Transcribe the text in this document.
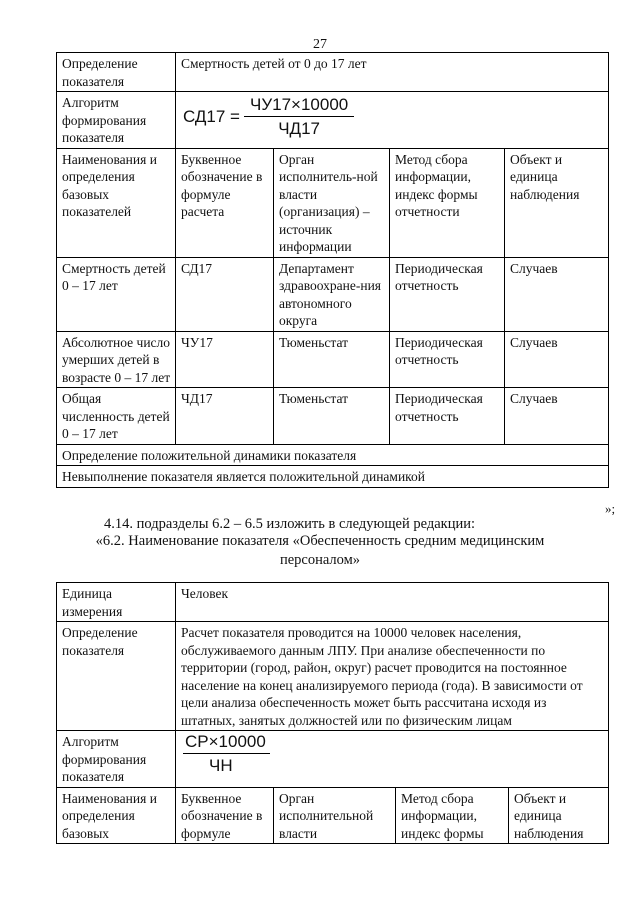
27
Определение показателя	Смертность детей от 0 до 17 лет			
Алгоритм формирования показателя	$СД17 = \frac{ЧУ17\times 10000}{ЧД17}$

Наименования и определения базовых показателей	Буквенное обозначение в формуле расчета	Орган исполнитель-ной власти (организация) – источник информации	Метод сбора информации, индекс формы отчетности	Объект и единица наблюдения
Смертность детей 0 – 17 лет	СД17	Департамент здравоохране-ния автономного округа	Периодическая отчетность	Случаев
Абсолютное число умерших детей в возрасте 0 – 17 лет	ЧУ17	Тюменьстат	Периодическая отчетность	Случаев
Общая численность детей 0 – 17 лет	ЧД17	Тюменьстат	Периодическая отчетность	Случаев
Определение положительной динамики показателя				
Невыполнение показателя является положительной динамикой				
»;
4.14. подразделы 6.2 – 6.5 изложить в следующей редакции:
«6.2. Наименование показателя «Обеспеченность средним медицинским персоналом»
Единица измерения	Человек			
Определение показателя	Расчет показателя проводится на 10000 человек населения, обслуживаемого данным ЛПУ. При анализе обеспеченности по территории (город, район, округ) расчет проводится на постоянное население на конец анализируемого периода (года). В зависимости от цели анализа обеспеченность может быть рассчитана исходя из штатных, занятых должностей или по физическим лицам			
Алгоритм формирования показателя	$\frac{СР\times 10000}{ЧН}$

Наименования и определения базовых	Буквенное обозначение в формуле	Орган исполнительной власти	Метод сбора информации, индекс формы	Объект и единица наблюдения
